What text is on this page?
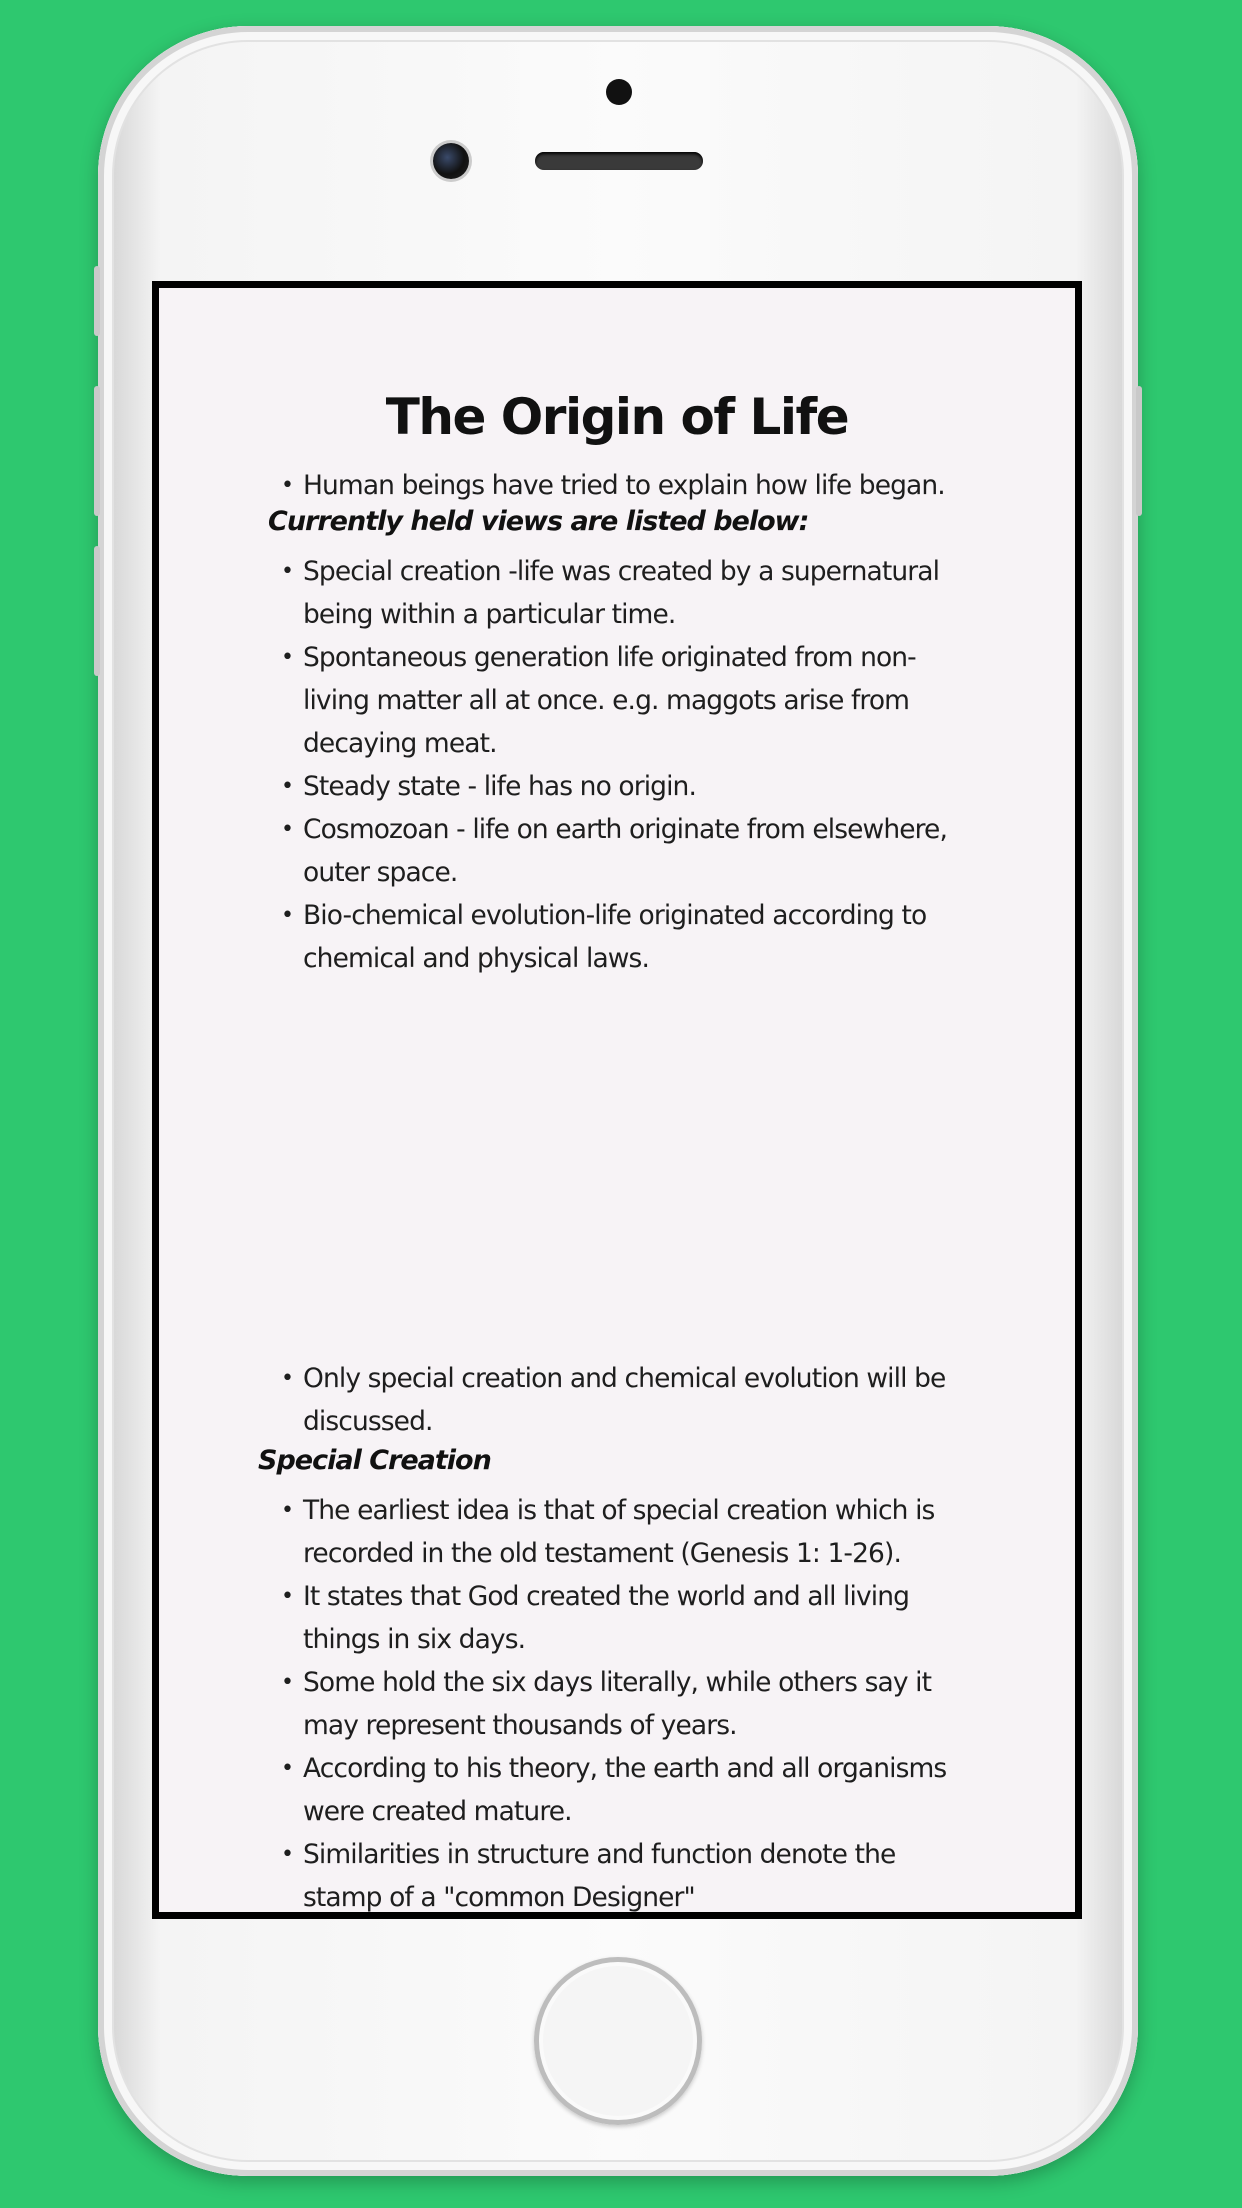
The Origin of Life
• Human beings have tried to explain how life began.
Currently held views are listed below:
• Special creation -life was created by a supernatural being within a particular time.
• Spontaneous generation life originated from non-living matter all at once. e.g. maggots arise from decaying meat.
• Steady state - life has no origin.
• Cosmozoan - life on earth originate from elsewhere, outer space.
• Bio-chemical evolution-life originated according to chemical and physical laws.
• Only special creation and chemical evolution will be discussed.
Special Creation
• The earliest idea is that of special creation which is recorded in the old testament (Genesis 1: 1-26).
• It states that God created the world and all living things in six days.
• Some hold the six days literally, while others say it may represent thousands of years.
• According to his theory, the earth and all organisms were created mature.
• Similarities in structure and function denote the stamp of a "common Designer"
